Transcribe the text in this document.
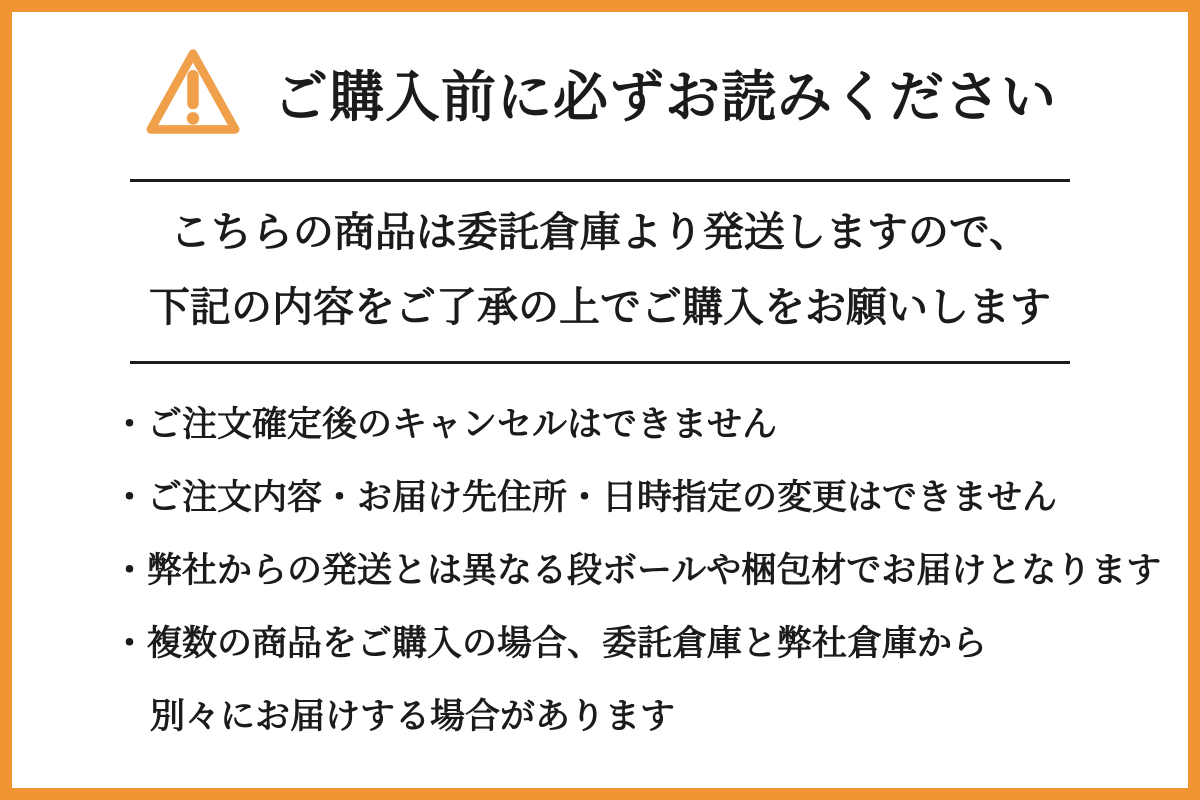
ご購入前に必ずお読みください

こちらの商品は委託倉庫より発送しますので、

下記の内容をご了承の上でご購入をお願いします

・ご注文確定後のキャンセルはできません
・ご注文内容・お届け先住所・日時指定の変更はできません
・弊社からの発送とは異なる段ボールや梱包材でお届けとなります
・複数の商品をご購入の場合、委託倉庫と弊社倉庫から
別々にお届けする場合があります
